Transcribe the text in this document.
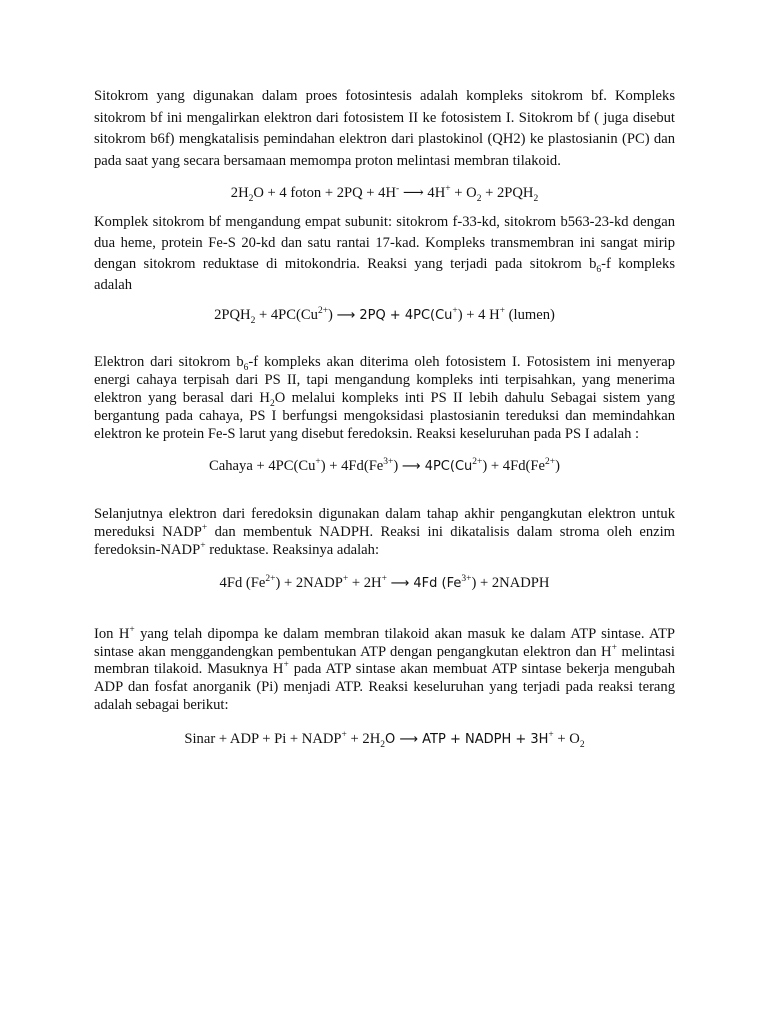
Sitokrom yang digunakan dalam proes fotosintesis adalah kompleks sitokrom bf. Kompleks sitokrom bf ini mengalirkan elektron dari fotosistem II ke fotosistem I. Sitokrom bf ( juga disebut sitokrom b6f) mengkatalisis pemindahan elektron dari plastokinol (QH2) ke plastosianin (PC) dan pada saat yang secara bersamaan memompa proton melintasi membran tilakoid.

$2H_2O + 4$ foton + 2PQ + 4H- ⟶ $4H^+ + O_2 + 2PQH_2$

Komplek sitokrom bf mengandung empat subunit: sitokrom f-33-kd, sitokrom b563-23-kd dengan dua heme, protein Fe-S 20-kd dan satu rantai 17-kad. Kompleks transmembran ini sangat mirip dengan sitokrom reduktase di mitokondria. Reaksi yang terjadi pada sitokrom $b_6-f$ kompleks adalah

$2PQH_2 + 4PC(Cu^{2+})$ ⟶ 2PQ + 4PC(Cu+) + 4 H+ (lumen)

Elektron dari sitokrom $b_6-f$ kompleks akan diterima oleh fotosistem I. Fotosistem ini menyerap energi cahaya terpisah dari PS II, tapi mengandung kompleks inti terpisahkan, yang menerima elektron yang berasal dari $H_2O$ melalui kompleks inti PS II lebih dahulu Sebagai sistem yang bergantung pada cahaya, PS I berfungsi mengoksidasi plastosianin tereduksi dan memindahkan elektron ke protein Fe-S larut yang disebut feredoksin. Reaksi keseluruhan pada PS I adalah :

Cahaya + $4PC(Cu^+) + 4Fd(Fe^{3+})$ ⟶ $4PC(Cu^{2+}) + 4Fd(Fe^{2+})$

Selanjutnya elektron dari feredoksin digunakan dalam tahap akhir pengangkutan elektron untuk mereduksi NADP+ dan membentuk NADPH. Reaksi ini dikatalisis dalam stroma oleh enzim feredoksin-NADP+ reduktase. Reaksinya adalah:

4Fd $(Fe^{2+})$ + 2NADP+ + 2H+ ⟶ 4Fd $(Fe^{3+})$ + 2NADPH

Ion H+ yang telah dipompa ke dalam membran tilakoid akan masuk ke dalam ATP sintase. ATP sintase akan menggandengkan pembentukan ATP dengan pengangkutan elektron dan H+ melintasi membran tilakoid. Masuknya H+ pada ATP sintase akan membuat ATP sintase bekerja mengubah ADP dan fosfat anorganik (Pi) menjadi ATP. Reaksi keseluruhan yang terjadi pada reaksi terang adalah sebagai berikut:

Sinar + ADP + Pi + NADP+ + $2H_2O$ ⟶ ATP + NADPH + $3H^+ + O_2$
